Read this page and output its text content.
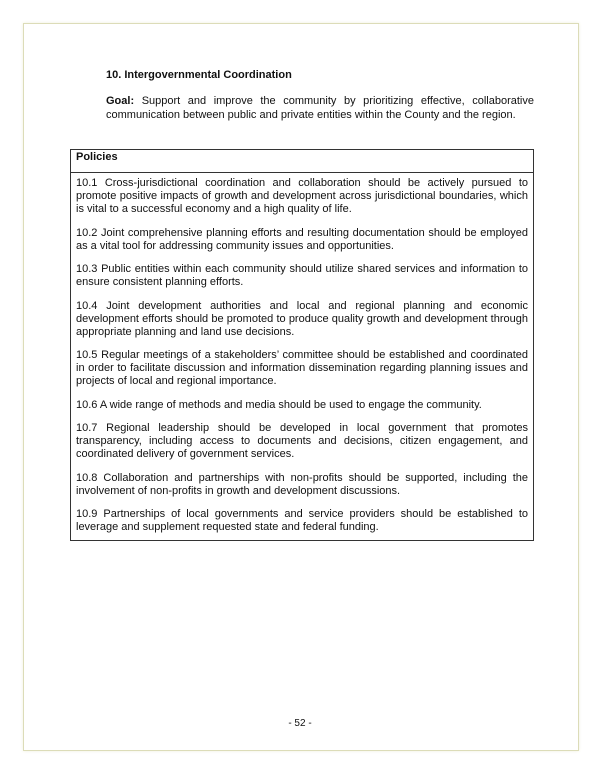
10. Intergovernmental Coordination
Goal: Support and improve the community by prioritizing effective, collaborative communication between public and private entities within the County and the region.
Policies

10.1 Cross-jurisdictional coordination and collaboration should be actively pursued to promote positive impacts of growth and development across jurisdictional boundaries, which is vital to a successful economy and a high quality of life.

10.2 Joint comprehensive planning efforts and resulting documentation should be employed as a vital tool for addressing community issues and opportunities.

10.3 Public entities within each community should utilize shared services and information to ensure consistent planning efforts.

10.4 Joint development authorities and local and regional planning and economic development efforts should be promoted to produce quality growth and development through appropriate planning and land use decisions.

10.5 Regular meetings of a stakeholders’ committee should be established and coordinated in order to facilitate discussion and information dissemination regarding planning issues and projects of local and regional importance.

10.6 A wide range of methods and media should be used to engage the community.

10.7 Regional leadership should be developed in local government that promotes transparency, including access to documents and decisions, citizen engagement, and coordinated delivery of government services.

10.8 Collaboration and partnerships with non-profits should be supported, including the involvement of non-profits in growth and development discussions.

10.9 Partnerships of local governments and service providers should be established to leverage and supplement requested state and federal funding.

- 52 -
